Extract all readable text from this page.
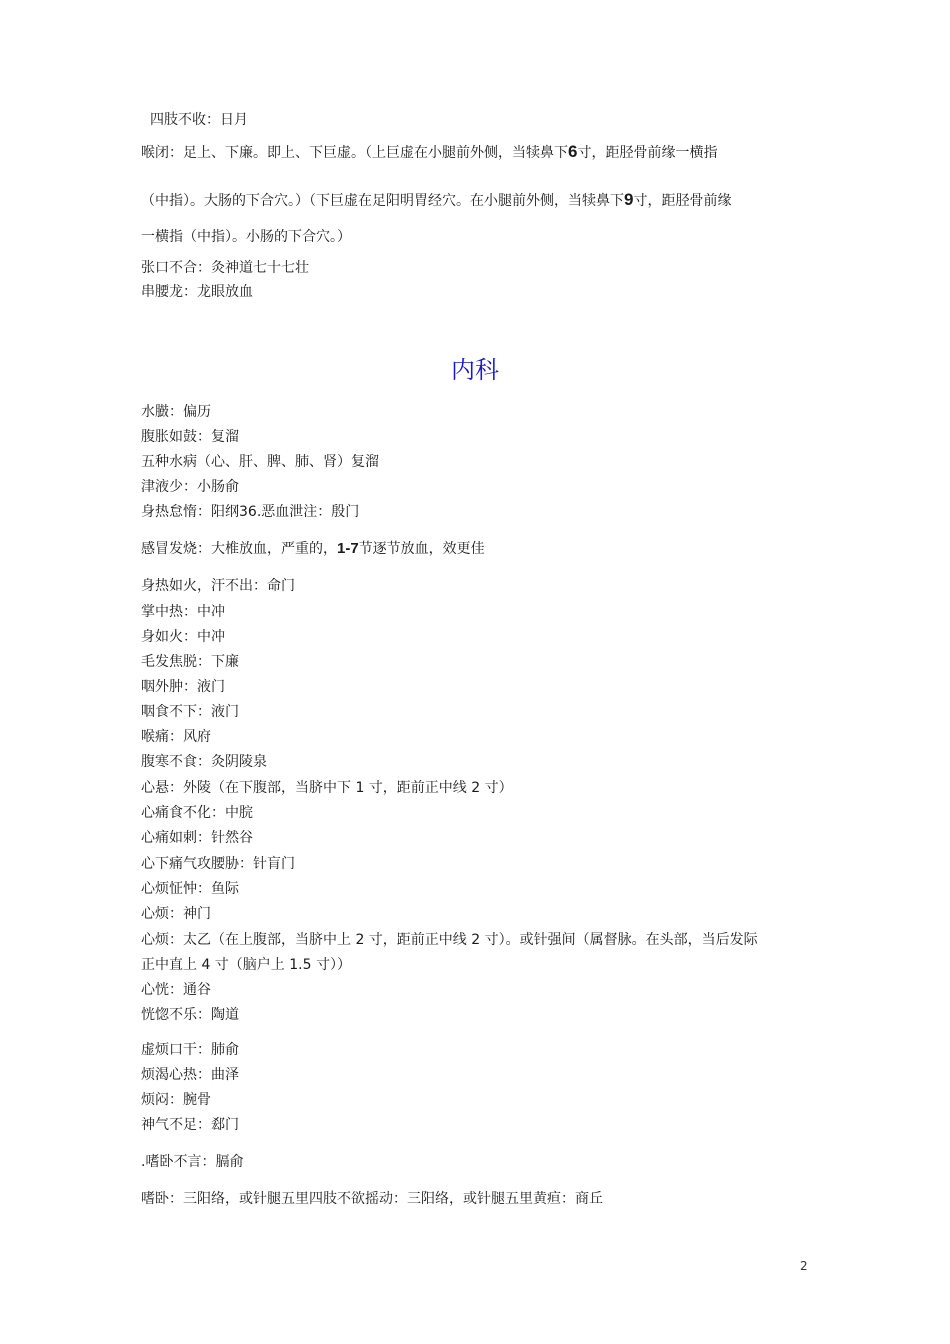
四肢不收：日月
喉闭：足上、下廉。即上、下巨虚。（上巨虚在小腿前外侧，当犊鼻下6寸，距胫骨前缘一横指
（中指）。大肠的下合穴。）（下巨虚在足阳明胃经穴。在小腿前外侧，当犊鼻下9寸，距胫骨前缘
一横指（中指）。小肠的下合穴。）
张口不合：灸神道七十七壮
串腰龙：龙眼放血
内科
水臌：偏历
腹胀如鼓：复溜
五种水病（心、肝、脾、肺、肾）复溜
津液少：小肠俞
身热怠惰：阳纲36.恶血泄注：殷门
感冒发烧：大椎放血，严重的，1-7节逐节放血，效更佳
身热如火，汗不出：命门
掌中热：中冲
身如火：中冲
毛发焦脱：下廉
咽外肿：液门
咽食不下：液门
喉痛：风府
腹寒不食：灸阴陵泉
心悬：外陵（在下腹部，当脐中下 1 寸，距前正中线 2 寸）
心痛食不化：中脘
心痛如刺：针然谷
心下痛气攻腰胁：针肓门
心烦怔忡：鱼际
心烦：神门
心烦：太乙（在上腹部，当脐中上 2 寸，距前正中线 2 寸）。或针强间（属督脉。在头部，当后发际
正中直上 4 寸（脑户上 1.5 寸））
心恍：通谷
恍惚不乐：陶道
虚烦口干：肺俞
烦渴心热：曲泽
烦闷：腕骨
神气不足：郄门
.嗜卧不言：膈俞
嗜卧：三阳络，或针腿五里四肢不欲摇动：三阳络，或针腿五里黄疸：商丘
2
